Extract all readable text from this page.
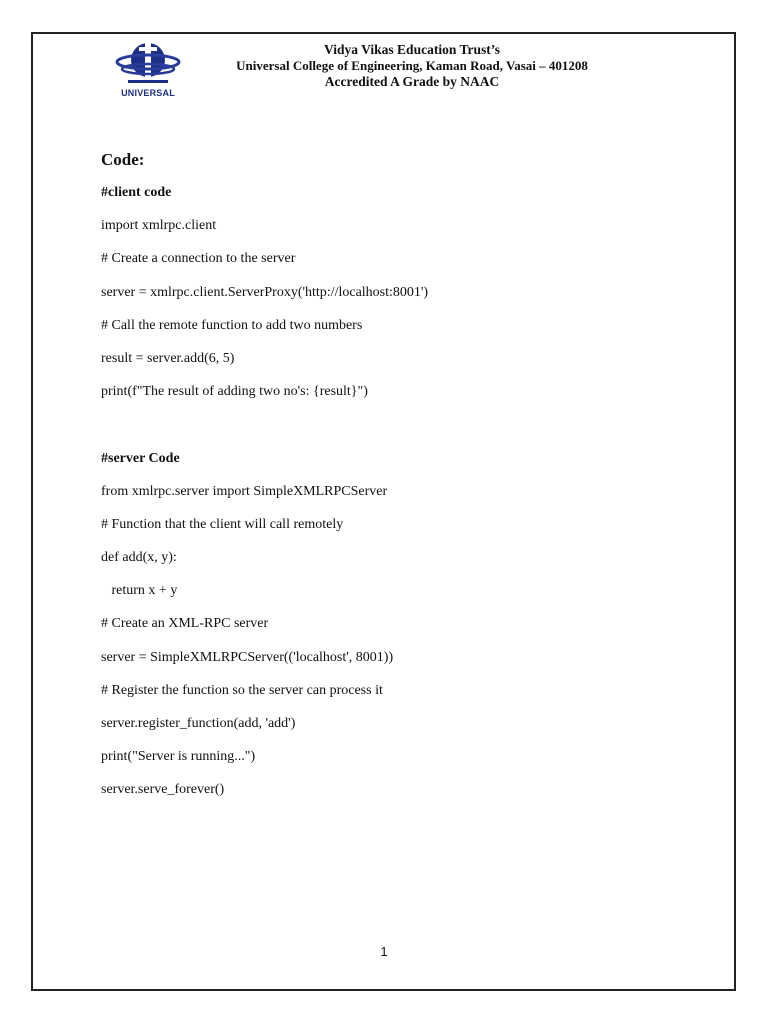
UNIVERSAL
Vidya Vikas Education Trust’s
Universal College of Engineering, Kaman Road, Vasai – 401208
Accredited A Grade by NAAC
Code:
#client code
import xmlrpc.client
# Create a connection to the server
server = xmlrpc.client.ServerProxy('http://localhost:8001')
# Call the remote function to add two numbers
result = server.add(6, 5)
print(f"The result of adding two no's: {result}")
#server Code
from xmlrpc.server import SimpleXMLRPCServer
# Function that the client will call remotely
def add(x, y):
return x + y
# Create an XML-RPC server
server = SimpleXMLRPCServer(('localhost', 8001))
# Register the function so the server can process it
server.register_function(add, 'add')
print("Server is running...")
server.serve_forever()
1
